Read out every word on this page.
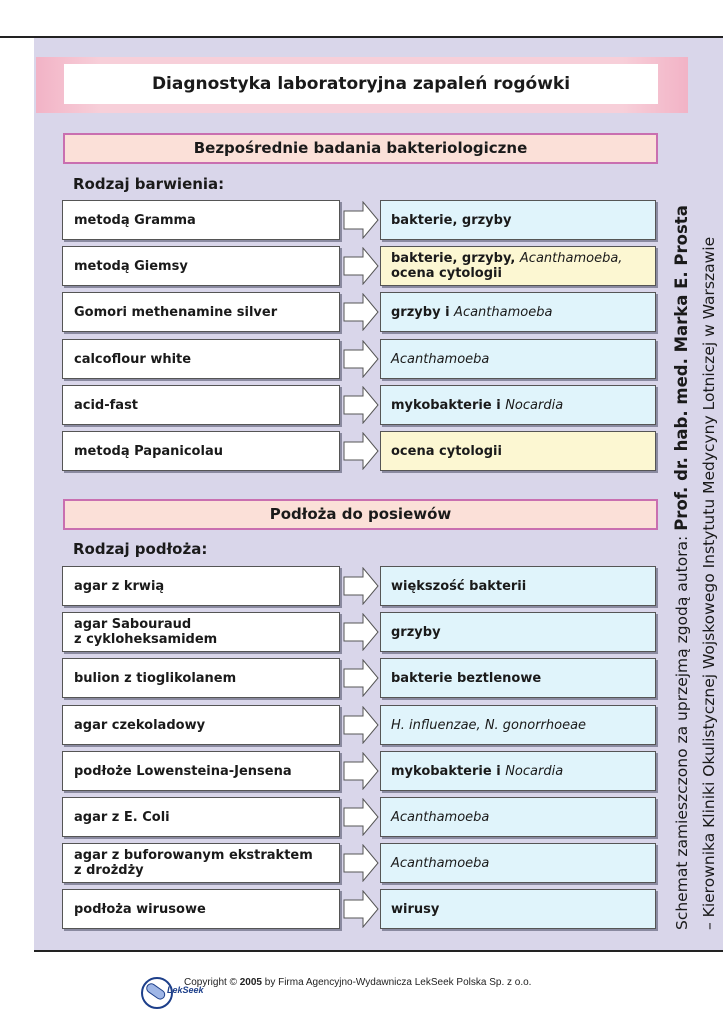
Diagnostyka laboratoryjna zapaleń rogówki
Bezpośrednie badania bakteriologiczne
Rodzaj barwienia:
metodą Gramma	bakterie, grzyby
metodą Giemsy	bakterie, grzyby, Acanthamoeba,
ocena cytologii
Gomori methenamine silver	grzyby i Acanthamoeba
calcoflour white	Acanthamoeba
acid-fast	mykobakterie i Nocardia
metodą Papanicolau	ocena cytologii
Podłoża do posiewów
Rodzaj podłoża:
agar z krwią	większość bakterii
agar Sabouraud
z cykloheksamidem	grzyby
bulion z tioglikolanem	bakterie beztlenowe
agar czekoladowy	H. influenzae, N. gonorrhoeae
podłoże Lowensteina-Jensena	mykobakterie i Nocardia
agar z E. Coli	Acanthamoeba
agar z buforowanym ekstraktem
z drożdży	Acanthamoeba
podłoża wirusowe	wirusy	Schemat zamieszczono za uprzejmą zgodą autora: Prof. dr. hab. med. Marka E. Prosta – Kierownika Kliniki Okulistycznej Wojskowego Instytutu Medycyny Lotniczej w Warszawie
LekSeek
Copyright © 2005 by Firma Agencyjno-Wydawnicza LekSeek Polska Sp. z o.o.
